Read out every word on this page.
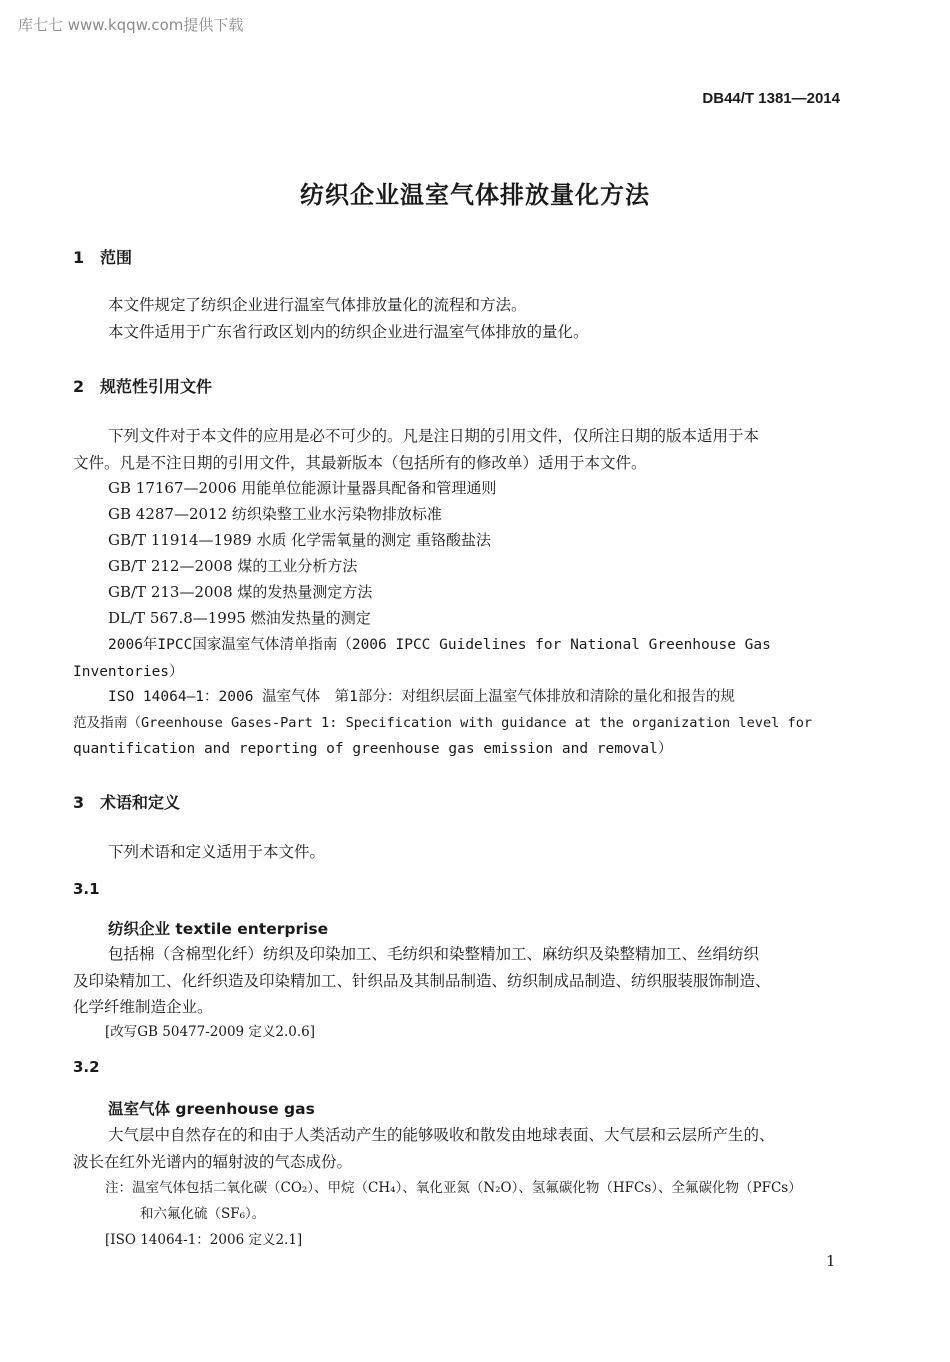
库七七 www.kqqw.com提供下载
DB44/T 1381—2014
纺织企业温室气体排放量化方法
1 范围
本文件规定了纺织企业进行温室气体排放量化的流程和方法。
本文件适用于广东省行政区划内的纺织企业进行温室气体排放的量化。
2 规范性引用文件
下列文件对于本文件的应用是必不可少的。凡是注日期的引用文件，仅所注日期的版本适用于本
文件。凡是不注日期的引用文件，其最新版本（包括所有的修改单）适用于本文件。
GB 17167—2006 用能单位能源计量器具配备和管理通则
GB 4287—2012 纺织染整工业水污染物排放标准
GB/T 11914—1989 水质 化学需氧量的测定 重铬酸盐法
GB/T 212—2008 煤的工业分析方法
GB/T 213—2008 煤的发热量测定方法
DL/T 567.8—1995 燃油发热量的测定
2006年IPCC国家温室气体清单指南（2006 IPCC Guidelines for National Greenhouse Gas
Inventories）
ISO 14064—1：2006 温室气体　第1部分：对组织层面上温室气体排放和清除的量化和报告的规
范及指南（Greenhouse Gases-Part 1: Specification with guidance at the organization level for
quantification and reporting of greenhouse gas emission and removal）
3 术语和定义
下列术语和定义适用于本文件。
3.1
纺织企业 textile enterprise
包括棉（含棉型化纤）纺织及印染加工、毛纺织和染整精加工、麻纺织及染整精加工、丝绢纺织
及印染精加工、化纤织造及印染精加工、针织品及其制品制造、纺织制成品制造、纺织服装服饰制造、
化学纤维制造企业。
[改写GB 50477-2009 定义2.0.6]
3.2
温室气体 greenhouse gas
大气层中自然存在的和由于人类活动产生的能够吸收和散发由地球表面、大气层和云层所产生的、
波长在红外光谱内的辐射波的气态成份。
注：温室气体包括二氧化碳（CO₂）、甲烷（CH₄）、氧化亚氮（N₂O）、氢氟碳化物（HFCs）、全氟碳化物（PFCs）
和六氟化硫（SF₆）。
[ISO 14064-1：2006 定义2.1]
1
